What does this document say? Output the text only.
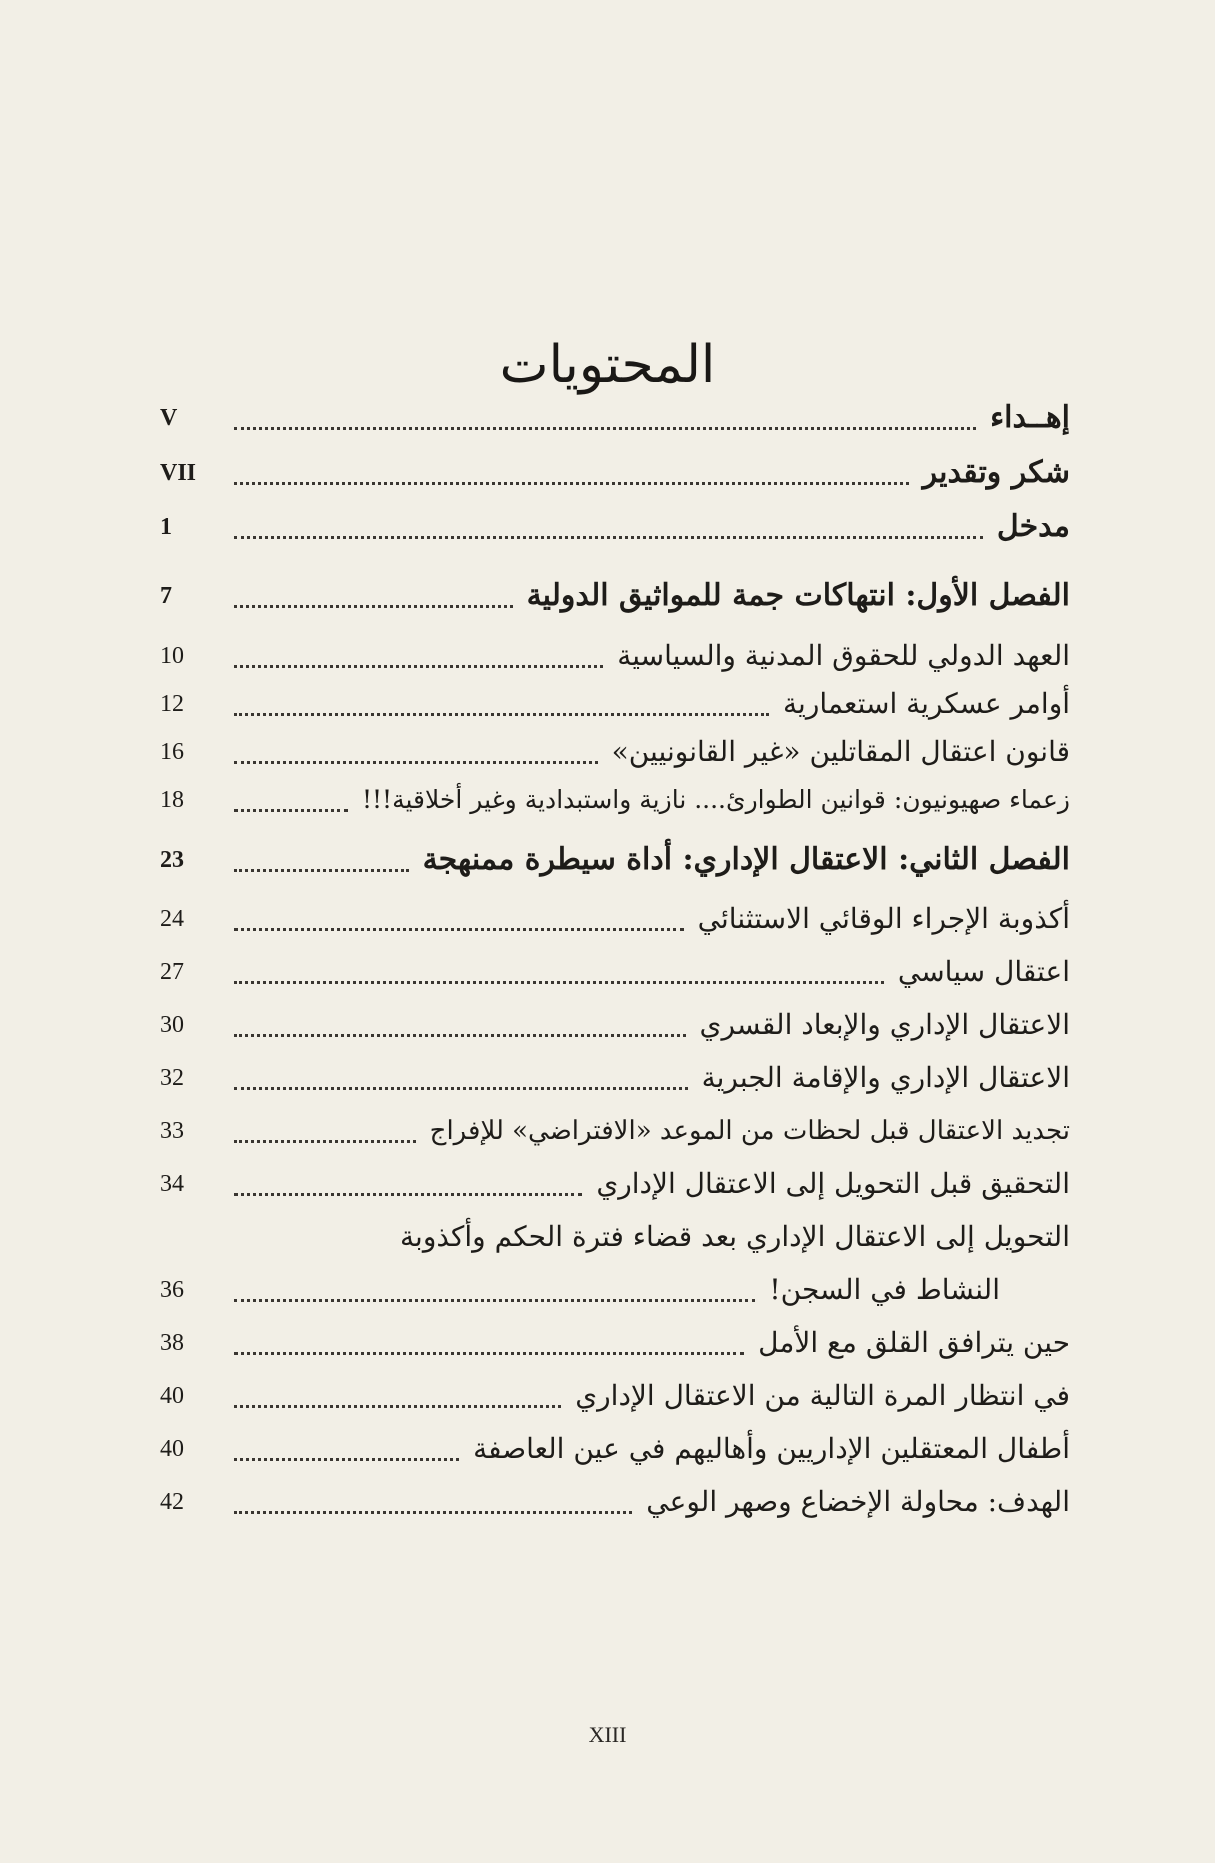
المحتويات
إهــداء
V
شكر وتقدير
VII
مدخل
1
الفصل الأول: انتهاكات جمة للمواثيق الدولية
7
العهد الدولي للحقوق المدنية والسياسية
10
أوامر عسكرية استعمارية
12
قانون اعتقال المقاتلين «غير القانونيين»
16
زعماء صهيونيون: قوانين الطوارئ.... نازية واستبدادية وغير أخلاقية!!!
18
الفصل الثاني: الاعتقال الإداري: أداة سيطرة ممنهجة
23
أكذوبة الإجراء الوقائي الاستثنائي
24
اعتقال سياسي
27
الاعتقال الإداري والإبعاد القسري
30
الاعتقال الإداري والإقامة الجبرية
32
تجديد الاعتقال قبل لحظات من الموعد «الافتراضي» للإفراج
33
التحقيق قبل التحويل إلى الاعتقال الإداري
34
التحويل إلى الاعتقال الإداري بعد قضاء فترة الحكم وأكذوبة
النشاط في السجن!
36
حين يترافق القلق مع الأمل
38
في انتظار المرة التالية من الاعتقال الإداري
40
أطفال المعتقلين الإداريين وأهاليهم في عين العاصفة
40
الهدف: محاولة الإخضاع وصهر الوعي
42
XIII
